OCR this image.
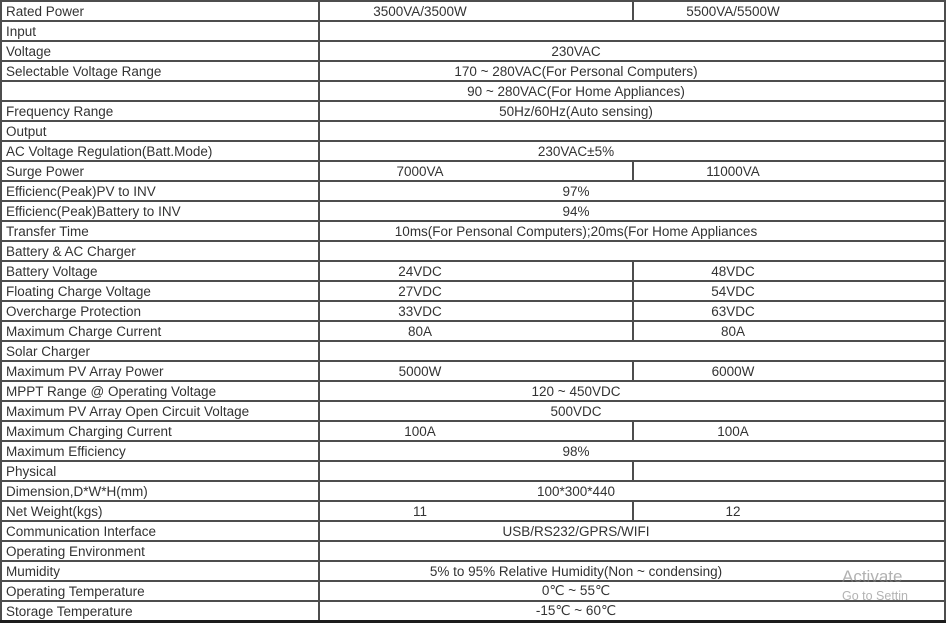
Rated Power	3500VA/3500W	5500VA/5500W
Input		
Voltage	230VAC	
Selectable Voltage Range	170 ~ 280VAC(For Personal Computers)	
	90 ~ 280VAC(For Home Appliances)	
Frequency Range	50Hz/60Hz(Auto sensing)	
Output		
AC Voltage Regulation(Batt.Mode)	230VAC±5%	
Surge Power	7000VA	11000VA
Efficienc(Peak)PV to INV	97%	
Efficienc(Peak)Battery to INV	94%	
Transfer Time	10ms(For Pensonal Computers);20ms(For Home Appliances	
Battery & AC Charger		
Battery Voltage	24VDC	48VDC
Floating Charge Voltage	27VDC	54VDC
Overcharge Protection	33VDC	63VDC
Maximum Charge Current	80A	80A
Solar Charger		
Maximum PV Array Power	5000W	6000W
MPPT Range @ Operating Voltage	120 ~ 450VDC	
Maximum PV Array Open Circuit Voltage	500VDC	
Maximum Charging Current	100A	100A
Maximum Efficiency	98%	
Physical		
Dimension,D*W*H(mm)	100*300*440	
Net Weight(kgs)	11	12
Communication Interface	USB/RS232/GPRS/WIFI	
Operating Environment		
Mumidity	5% to 95% Relative Humidity(Non ~ condensing)	
Operating Temperature	0℃ ~ 55℃	
Storage Temperature	-15℃ ~ 60℃	
Activate
Go to Settin
